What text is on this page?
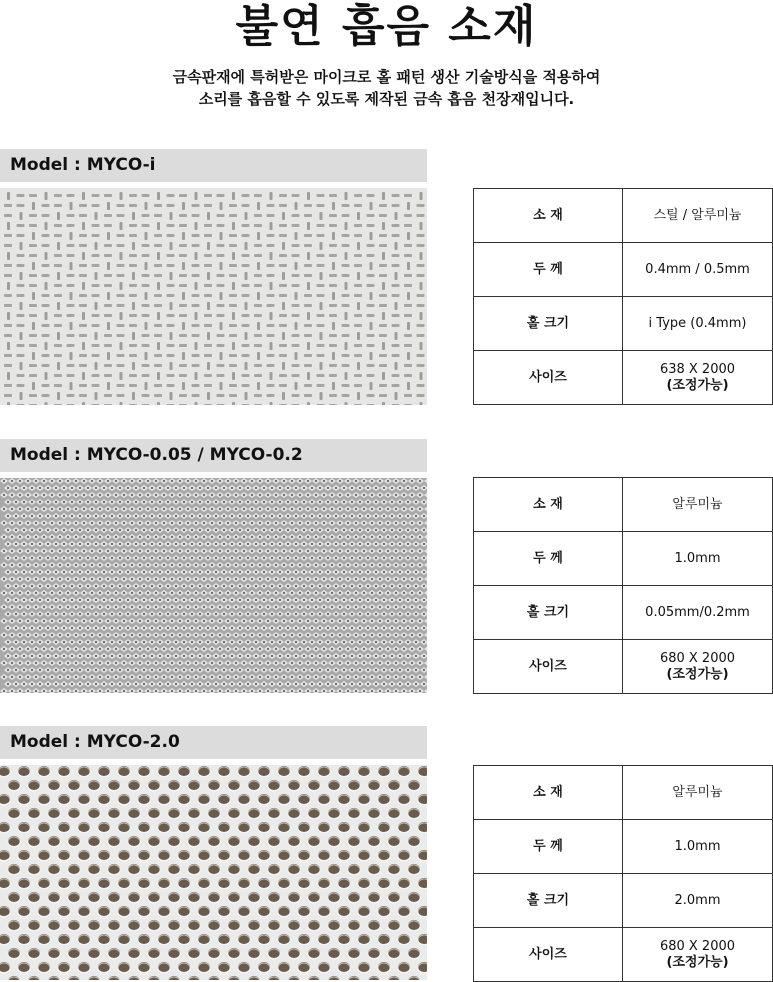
불연 흡음 소재
금속판재에 특허받은 마이크로 홀 패턴 생산 기술방식을 적용하여
소리를 흡음할 수 있도록 제작된 금속 흡음 천장재입니다.
Model : MYCO-i
소 재	스틸 / 알루미늄
두 께	0.4mm / 0.5mm
홀 크기	i Type (0.4mm)
사이즈	638 X 2000
(조정가능)
Model : MYCO-0.05 / MYCO-0.2
소 재	알루미늄
두 께	1.0mm
홀 크기	0.05mm/0.2mm
사이즈	680 X 2000
(조정가능)
Model : MYCO-2.0
소 재	알루미늄
두 께	1.0mm
홀 크기	2.0mm
사이즈	680 X 2000
(조정가능)
